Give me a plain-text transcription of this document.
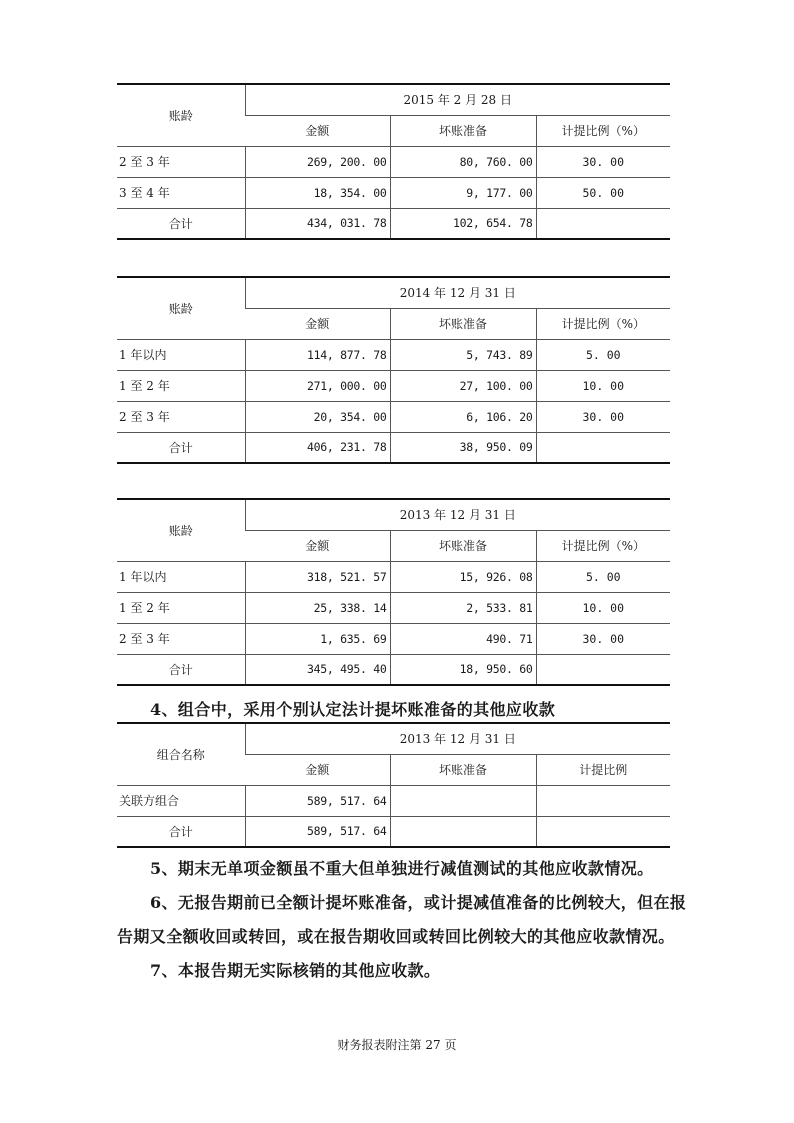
账龄	2015 年 2 月 28 日		
	金额	坏账准备	计提比例（%）
2 至 3 年	269, 200. 00	80, 760. 00	30. 00
3 至 4 年	18, 354. 00	9, 177. 00	50. 00
合计	434, 031. 78	102, 654. 78	
账龄	2014 年 12 月 31 日		
	金额	坏账准备	计提比例（%）
1 年以内	114, 877. 78	5, 743. 89	5. 00
1 至 2 年	271, 000. 00	27, 100. 00	10. 00
2 至 3 年	20, 354. 00	6, 106. 20	30. 00
合计	406, 231. 78	38, 950. 09	
账龄	2013 年 12 月 31 日		
	金额	坏账准备	计提比例（%）
1 年以内	318, 521. 57	15, 926. 08	5. 00
1 至 2 年	25, 338. 14	2, 533. 81	10. 00
2 至 3 年	1, 635. 69	490. 71	30. 00
合计	345, 495. 40	18, 950. 60	
4、组合中，采用个别认定法计提坏账准备的其他应收款
组合名称	2013 年 12 月 31 日		
	金额	坏账准备	计提比例
关联方组合	589, 517. 64		
合计	589, 517. 64		
5、期末无单项金额虽不重大但单独进行减值测试的其他应收款情况。
6、无报告期前已全额计提坏账准备，或计提减值准备的比例较大，但在报
告期又全额收回或转回，或在报告期收回或转回比例较大的其他应收款情况。
7、本报告期无实际核销的其他应收款。
财务报表附注第 27 页
